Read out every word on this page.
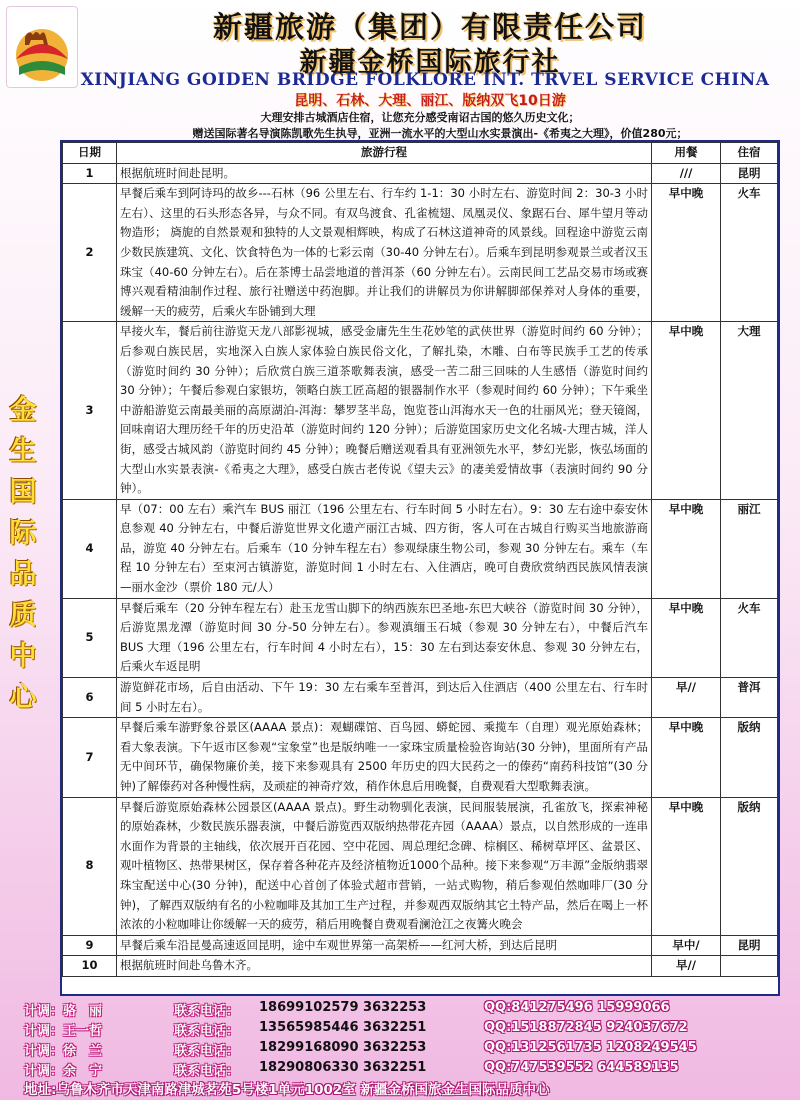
新疆旅游（集团）有限责任公司
新疆金桥国际旅行社
XINJIANG GOIDEN BRIDGE FOLKLORE INT. TRVEL SERVICE CHINA
昆明、石林、大理、丽江、版纳双飞10日游
大理安排古城酒店住宿，让您充分感受南诏古国的悠久历史文化；
赠送国际著名导演陈凯歌先生执导，亚洲一流水平的大型山水实景演出-《希夷之大理》，价值280元；
金
生
国
际
品
质
中
心
日期	旅游行程	用餐	住宿
1	根据航班时间赴昆明。	///	昆明
2	早餐后乘车到阿诗玛的故乡---石林（96 公里左右、行车约 1-1：30 小时左右、游览时间 2：30-3 小时左右）、这里的石头形态各异，与众不同。有双鸟渡食、孔雀梳翅、凤凰灵仪、象踞石台、犀牛望月等动物造形； 旖旎的自然景观和独特的人文景观相辉映，构成了石林这道神奇的风景线。回程途中游览云南少数民族建筑、文化、饮食特色为一体的七彩云南（30-40 分钟左右）。后乘车到昆明参观景兰或者汉玉珠宝（40-60 分钟左右）。后在茶博士品尝地道的普洱茶（60 分钟左右）。云南民间工艺品交易市场或赛博兴观看精油制作过程、旅行社赠送中药泡脚。并让我们的讲解员为你讲解脚部保养对人身体的重要，缓解一天的疲劳，后乘火车卧铺到大理	早中晚	火车
3	早接火车，餐后前往游览天龙八部影视城，感受金庸先生生花妙笔的武侠世界（游览时间约 60 分钟）；后参观白族民居，实地深入白族人家体验白族民俗文化，了解扎染，木雕、白布等民族手工艺的传承（游览时间约 30 分钟）；后欣赏白族三道茶歌舞表演，感受一苦二甜三回味的人生感悟（游览时间约 30 分钟）；午餐后参观白家银坊，领略白族工匠高超的银器制作水平（参观时间约 60 分钟）；下午乘坐中游船游览云南最美丽的高原湖泊-洱海：攀罗茎半岛，饱览苍山洱海水天一色的壮丽风光；登天镜阁，回味南诏大理历经千年的历史沿革（游览时间约 120 分钟）；后游览国家历史文化名城-大理古城，洋人街，感受古城风韵（游览时间约 45 分钟）；晚餐后赠送观看具有亚洲领先水平，梦幻光影，恢弘场面的大型山水实景表演-《希夷之大理》，感受白族古老传说《望夫云》的凄美爱情故事（表演时间约 90 分钟）。	早中晚	大理
4	早（07：00 左右）乘汽车 BUS 丽江（196 公里左右、行车时间 5 小时左右）。9：30 左右途中泰安休息参观 40 分钟左右，中餐后游览世界文化遗产丽江古城、四方街，客人可在古城自行购买当地旅游商品，游览 40 分钟左右。后乘车（10 分钟车程左右）参观绿康生物公司，参观 30 分钟左右。乘车（车程 10 分钟左右）至束河古镇游览，游览时间 1 小时左右、入住酒店，晚可自费欣赏纳西民族风情表演—丽水金沙（票价 180 元/人）	早中晚	丽江
5	早餐后乘车（20 分钟车程左右）赴玉龙雪山脚下的纳西族东巴圣地-东巴大峡谷（游览时间 30 分钟），后游览黑龙潭（游览时间 30 分-50 分钟左右）。参观滇缅玉石城（参观 30 分钟左右），中餐后汽车 BUS 大理（196 公里左右，行车时间 4 小时左右），15：30 左右到达泰安休息、参观 30 分钟左右，后乘火车返昆明	早中晚	火车
6	游览鲜花市场，后自由活动、下午 19：30 左右乘车至普洱，到达后入住酒店（400 公里左右、行车时间 5 小时左右）。	早//	普洱
7	早餐后乘车游野象谷景区(AAAA 景点)：观蝴碟馆、百鸟园、蟒蛇园、乘揽车（自理）观光原始森林；看大象表演。下午返市区参观“宝象堂”也是版纳唯一一家珠宝质量检验咨询站(30 分钟)，里面所有产品无中间环节，确保物廉价美，接下来参观具有 2500 年历史的四大民药之一的傣药“南药科技馆”(30 分钟)了解傣药对各种慢性病，及顽症的神奇疗效，稍作休息后用晚餐，自费观看大型歌舞表演。	早中晚	版纳
8	早餐后游览原始森林公园景区(AAAA 景点)。野生动物驯化表演，民间服装展演，孔雀放飞，探索神秘的原始森林，少数民族乐器表演，中餐后游览西双版纳热带花卉园（AAAA）景点，以自然形成的一连串水面作为背景的主轴线，依次展开百花园、空中花园、周总理纪念碑、棕榈区、稀树草坪区、盆景区、观叶植物区、热带果树区，保存着各种花卉及经济植物近1000个品种。接下来参观“万丰源”金版纳翡翠珠宝配送中心(30 分钟)，配送中心首创了体验式超市营销，一站式购物，稍后参观伯然咖啡厂(30 分钟)，了解西双版纳有名的小粒咖啡及其加工生产过程，并参观西双版纳其它土特产品，然后在喝上一杯浓浓的小粒咖啡让你缓解一天的疲劳，稍后用晚餐自费观看澜沧江之夜篝火晚会	早中晚	版纳
9	早餐后乘车沿昆曼高速返回昆明，途中车观世界第一高架桥——红河大桥，到达后昆明	早中/	昆明
10	根据航班时间赴乌鲁木齐。	早//	
计调：骆　丽	联系电话： 18699102579 3632253	QQ:841275496 15999066
计调：王一哲	联系电话： 13565985446 3632251	QQ:1518872845 924037672
计调：徐　兰	联系电话： 18299168090 3632253	QQ:1312561735 1208249545
计调：余　宁	联系电话： 18290806330 3632251	QQ:747539552 644589135
地址:乌鲁木齐市天津南路津城茗苑5号楼1单元1002室 新疆金桥国旅金生国际品质中心
